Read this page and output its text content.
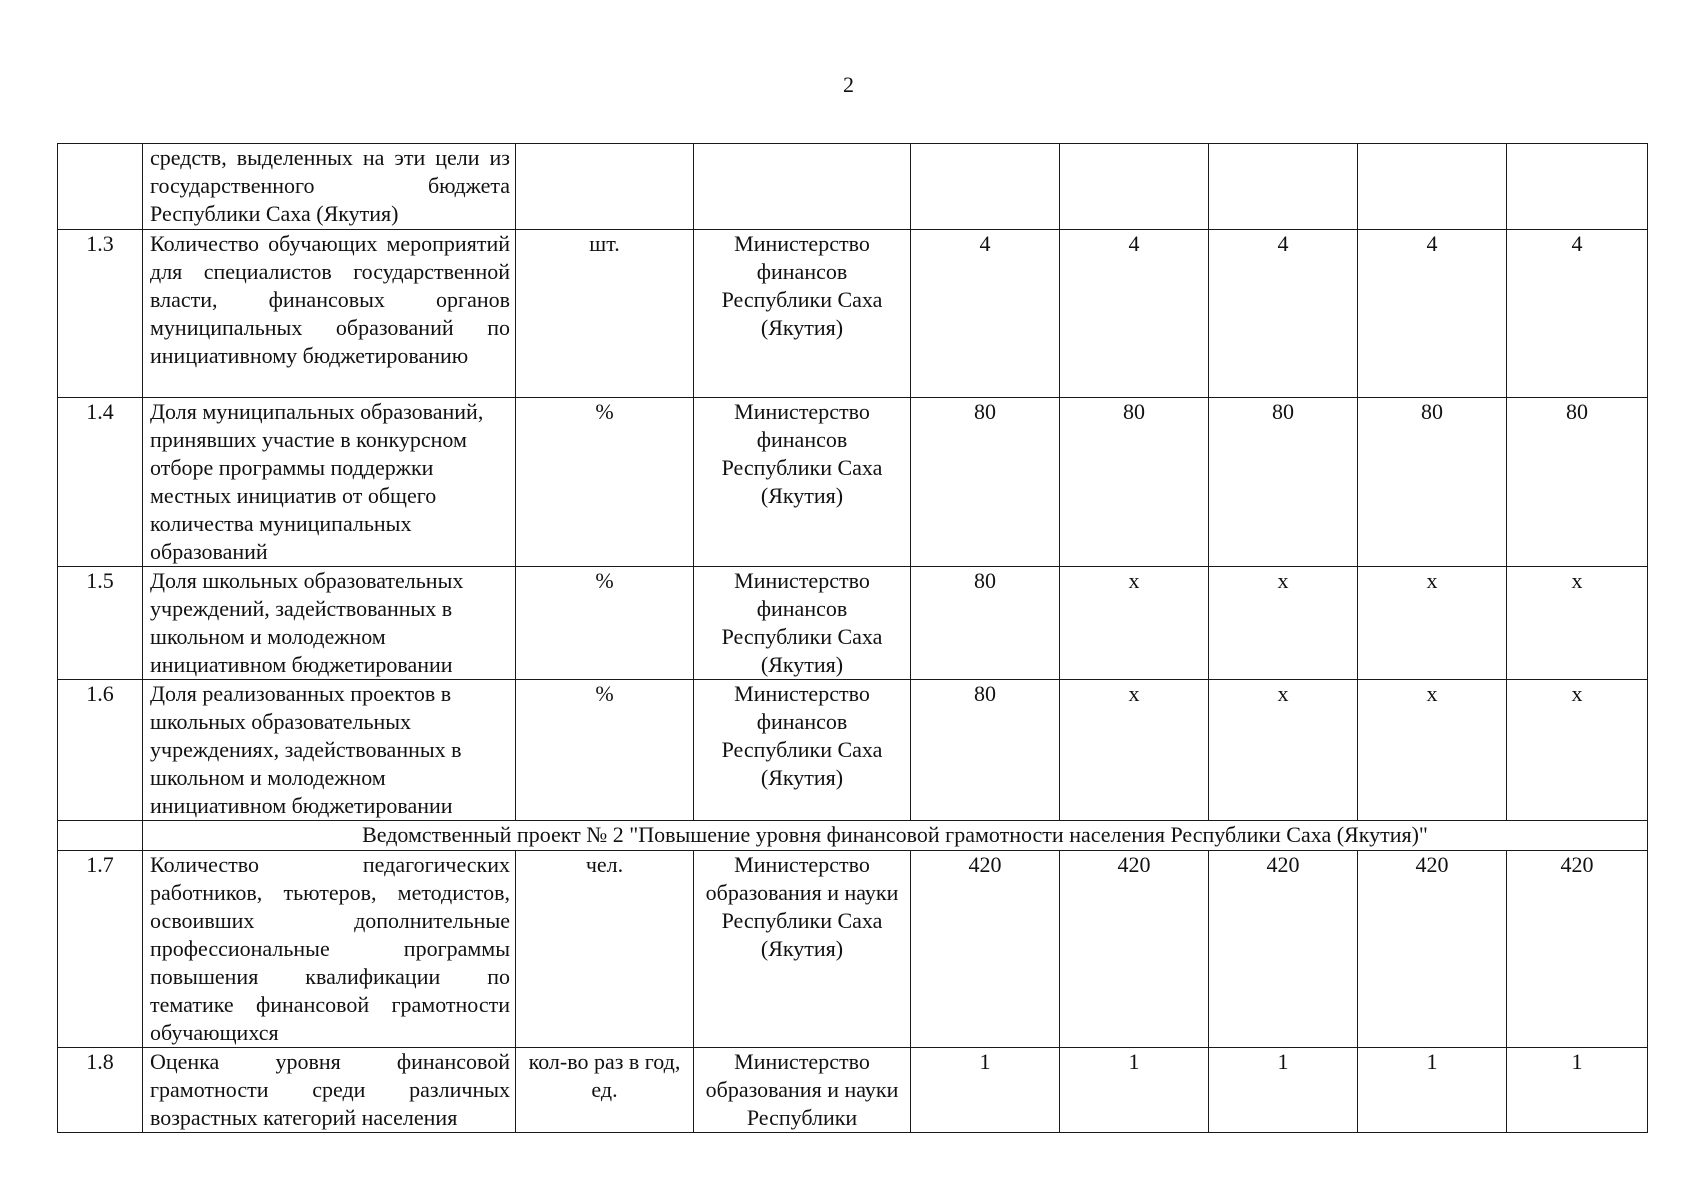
2
	средств, выделенных на эти цели из государственного бюджета Республики Саха (Якутия)							
1.3	Количество обучающих мероприятий для специалистов государственной власти, финансовых органов муниципальных образований по инициативному бюджетированию	шт.	Министерство финансов Республики Саха (Якутия)	4	4	4	4	4
1.4	Доля муниципальных образований, принявших участие в конкурсном отборе программы поддержки местных инициатив от общего количества муниципальных образований	%	Министерство финансов Республики Саха (Якутия)	80	80	80	80	80
1.5	Доля школьных образовательных учреждений, задействованных в школьном и молодежном инициативном бюджетировании	%	Министерство финансов Республики Саха (Якутия)	80	х	х	х	х
1.6	Доля реализованных проектов в школьных образовательных учреждениях, задействованных в школьном и молодежном инициативном бюджетировании	%	Министерство финансов Республики Саха (Якутия)	80	х	х	х	х
	Ведомственный проект № 2 "Повышение уровня финансовой грамотности населения Республики Саха (Якутия)"							
1.7	Количество педагогических работников, тьютеров, методистов, освоивших дополнительные профессиональные программы повышения квалификации по тематике финансовой грамотности обучающихся	чел.	Министерство образования и науки Республики Саха (Якутия)	420	420	420	420	420
1.8	Оценка уровня финансовой грамотности среди различных возрастных категорий населения	кол-во раз в год, ед.	Министерство образования и науки Республики	1	1	1	1	1
